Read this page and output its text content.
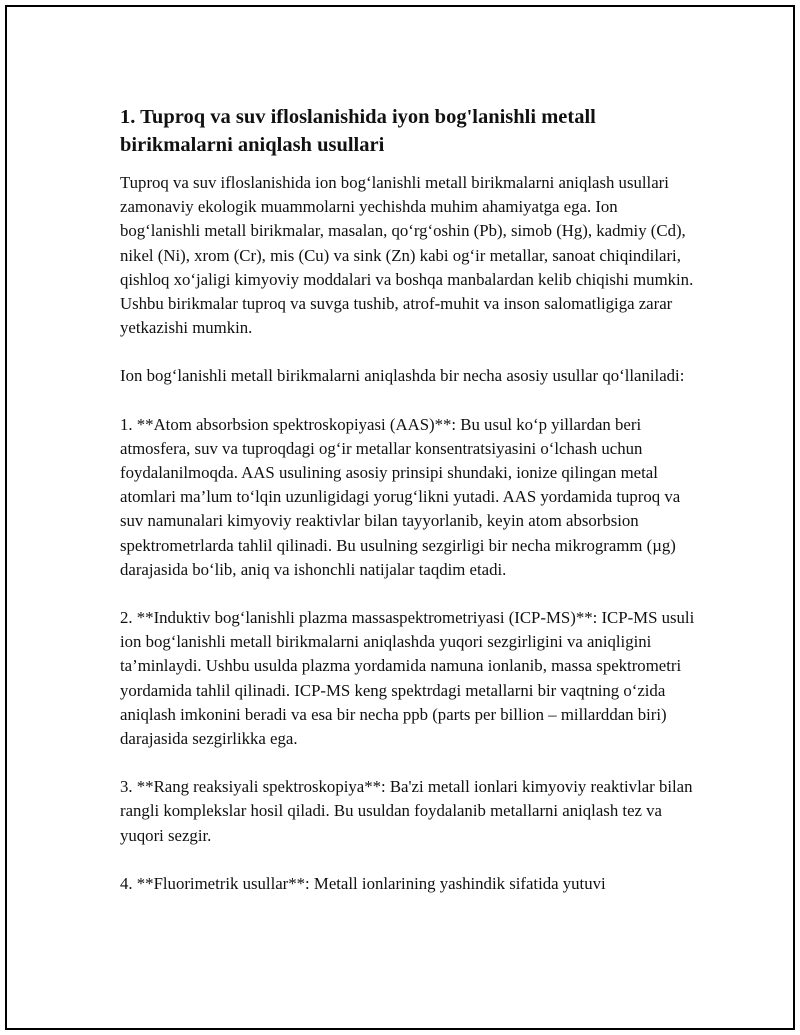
1. Tuproq va suv ifloslanishida iyon bog'lanishli metall birikmalarni aniqlash usullari

Tuproq va suv ifloslanishida ion bog‘lanishli metall birikmalarni aniqlash usullari zamonaviy ekologik muammolarni yechishda muhim ahamiyatga ega. Ion bog‘lanishli metall birikmalar, masalan, qo‘rg‘oshin (Pb), simob (Hg), kadmiy (Cd), nikel (Ni), xrom (Cr), mis (Cu) va sink (Zn) kabi og‘ir metallar, sanoat chiqindilari, qishloq xo‘jaligi kimyoviy moddalari va boshqa manbalardan kelib chiqishi mumkin. Ushbu birikmalar tuproq va suvga tushib, atrof-muhit va inson salomatligiga zarar yetkazishi mumkin.

Ion bog‘lanishli metall birikmalarni aniqlashda bir necha asosiy usullar qo‘llaniladi:

1. **Atom absorbsion spektroskopiyasi (AAS)**: Bu usul ko‘p yillardan beri atmosfera, suv va tuproqdagi og‘ir metallar konsentratsiyasini o‘lchash uchun foydalanilmoqda. AAS usulining asosiy prinsipi shundaki, ionize qilingan metal atomlari ma’lum to‘lqin uzunligidagi yorug‘likni yutadi. AAS yordamida tuproq va suv namunalari kimyoviy reaktivlar bilan tayyorlanib, keyin atom absorbsion spektrometrlarda tahlil qilinadi. Bu usulning sezgirligi bir necha mikrogramm (µg) darajasida bo‘lib, aniq va ishonchli natijalar taqdim etadi.

2. **Induktiv bog‘lanishli plazma massaspektrometriyasi (ICP-MS)**: ICP-MS usuli ion bog‘lanishli metall birikmalarni aniqlashda yuqori sezgirligini va aniqligini ta’minlaydi. Ushbu usulda plazma yordamida namuna ionlanib, massa spektrometri yordamida tahlil qilinadi. ICP-MS keng spektrdagi metallarni bir vaqtning o‘zida aniqlash imkonini beradi va esa bir necha ppb (parts per billion – millarddan biri) darajasida sezgirlikka ega.

3. **Rang reaksiyali spektroskopiya**: Ba'zi metall ionlari kimyoviy reaktivlar bilan rangli komplekslar hosil qiladi. Bu usuldan foydalanib metallarni aniqlash tez va yuqori sezgir.

4. **Fluorimetrik usullar**: Metall ionlarining yashindik sifatida yutuvi
